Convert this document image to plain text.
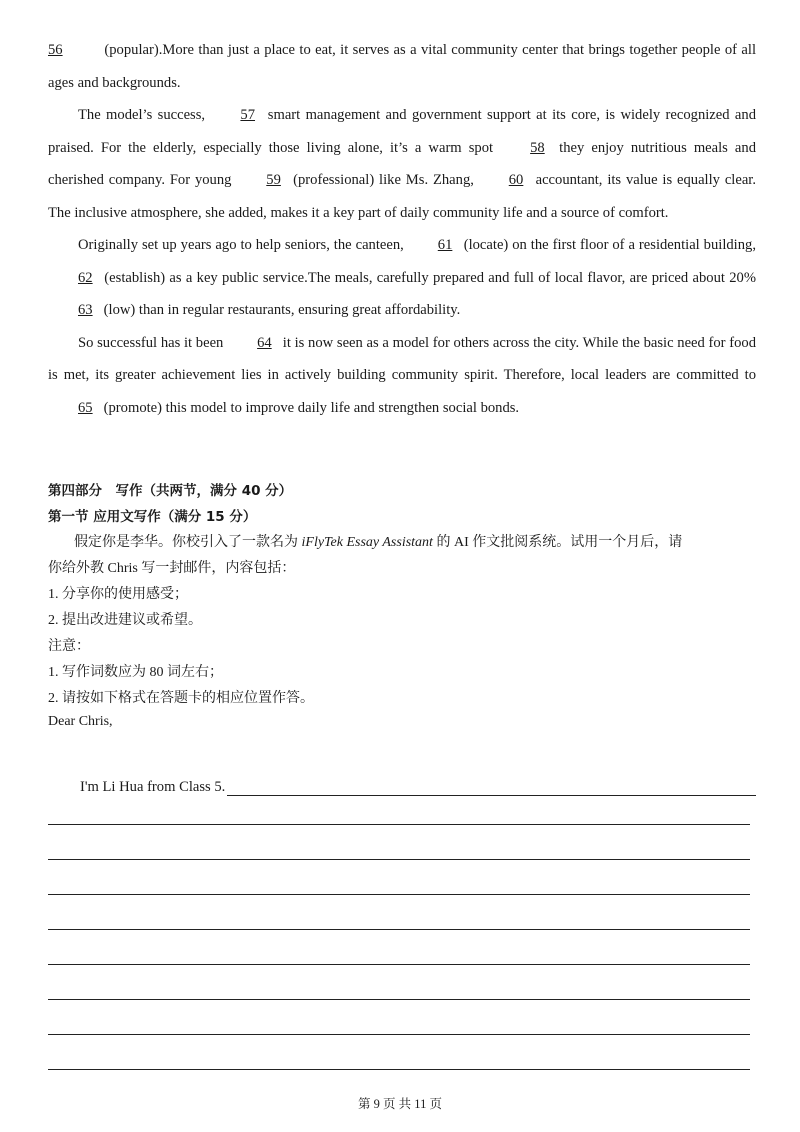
56	(popular).More than just a place to eat, it serves as a vital community center that brings together people of all ages and backgrounds.

The model’s success, 57 smart management and government support at its core, is widely recognized and praised. For the elderly, especially those living alone, it’s a warm spot 58 they enjoy nutritious meals and cherished company. For young 59 (professional) like Ms. Zhang, 60 accountant, its value is equally clear. The inclusive atmosphere, she added, makes it a key part of daily community life and a source of comfort.

Originally set up years ago to help seniors, the canteen, 61 (locate) on the first floor of a residential building, 62 (establish) as a key public service.The meals, carefully prepared and full of local flavor, are priced about 20% 63 (low) than in regular restaurants, ensuring great affordability.

So successful has it been 64 it is now seen as a model for others across the city. While the basic need for food is met, its greater achievement lies in actively building community spirit. Therefore, local leaders are committed to 65 (promote) this model to improve daily life and strengthen social bonds.

第四部分　写作（共两节，满分 40 分）
第一节 应用文写作（满分 15 分）
假定你是李华。你校引入了一款名为 iFlyTek Essay Assistant 的 AI 作文批阅系统。试用一个月后，请
你给外教 Chris 写一封邮件，内容包括：
1. 分享你的使用感受；
2. 提出改进建议或希望。
注意：
1. 写作词数应为 80 词左右；
2. 请按如下格式在答题卡的相应位置作答。
Dear Chris,
I'm Li Hua from Class 5.
第 9 页 共 11 页
